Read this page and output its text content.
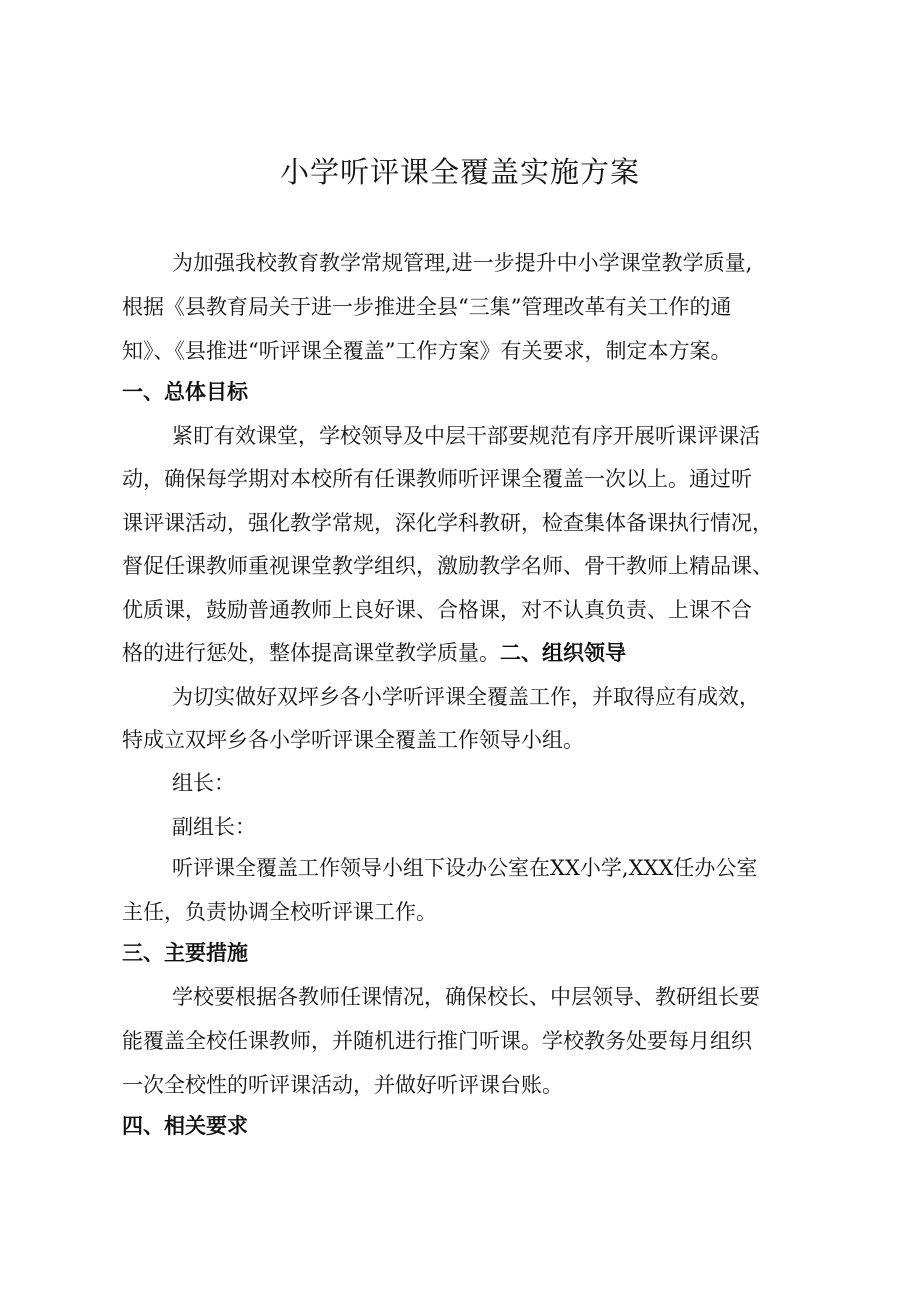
小学听评课全覆盖实施方案
为加强我校教育教学常规管理,进一步提升中小学课堂教学质量,
根据《县教育局关于进一步推进全县“三集”管理改革有关工作的通
知》、《县推进“听评课全覆盖”工作方案》有关要求，制定本方案。
一、总体目标
紧盯有效课堂，学校领导及中层干部要规范有序开展听课评课活
动，确保每学期对本校所有任课教师听评课全覆盖一次以上。通过听
课评课活动，强化教学常规，深化学科教研，检查集体备课执行情况，
督促任课教师重视课堂教学组织，激励教学名师、骨干教师上精品课、
优质课，鼓励普通教师上良好课、合格课，对不认真负责、上课不合
格的进行惩处，整体提高课堂教学质量。二、组织领导
为切实做好双坪乡各小学听评课全覆盖工作，并取得应有成效，
特成立双坪乡各小学听评课全覆盖工作领导小组。
组长：
副组长：
听评课全覆盖工作领导小组下设办公室在XX小学,XXX任办公室
主任，负责协调全校听评课工作。
三、主要措施
学校要根据各教师任课情况，确保校长、中层领导、教研组长要
能覆盖全校任课教师，并随机进行推门听课。学校教务处要每月组织
一次全校性的听评课活动，并做好听评课台账。
四、相关要求
